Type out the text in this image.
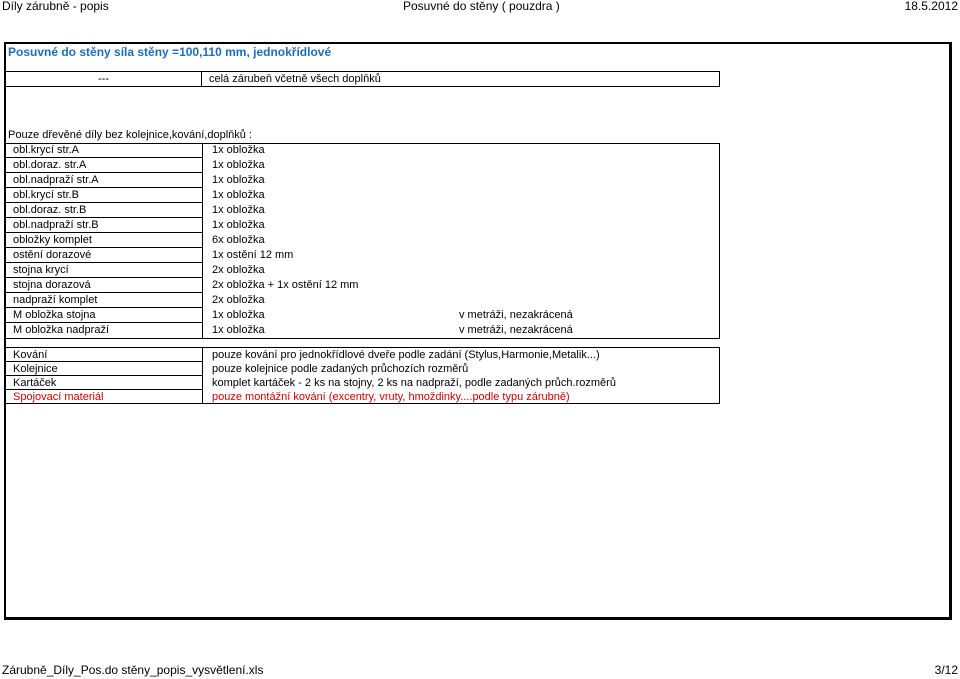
Díly zárubně - popis	Posuvné do stěny ( pouzdra )	18.5.2012
Posuvné do stěny síla stěny =100,110 mm, jednokřídlové
---	celá zárubeň včetně všech doplňků
Pouze dřevěné díly bez kolejnice,kování,doplňků :
obl.krycí str.A	1x obložka
obl.doraz. str.A	1x obložka
obl.nadpraží str.A	1x obložka
obl.krycí str.B	1x obložka
obl.doraz. str.B	1x obložka
obl.nadpraží str.B	1x obložka
obložky komplet	6x obložka
ostění dorazové	1x ostění 12 mm
stojna krycí	2x obložka
stojna dorazová	2x obložka + 1x ostění 12 mm
nadpraží komplet	2x obložka
M obložka stojna	1x obložka	v metráži, nezakrácená
M obložka nadpraží	1x obložka	v metráži, nezakrácená
Kování	pouze kování pro jednokřídlové dveře podle zadání (Stylus,Harmonie,Metalik...)
Kolejnice	pouze kolejnice podle zadaných průchozích rozměrů
Kartáček	komplet kartáček - 2 ks na stojny, 2 ks na nadpraží, podle zadaných průch.rozměrů
Spojovací materiál	pouze montážní kování (excentry, vruty, hmoždinky....podle typu zárubně)
Zárubně_Díly_Pos.do stěny_popis_vysvětlení.xls	3/12
